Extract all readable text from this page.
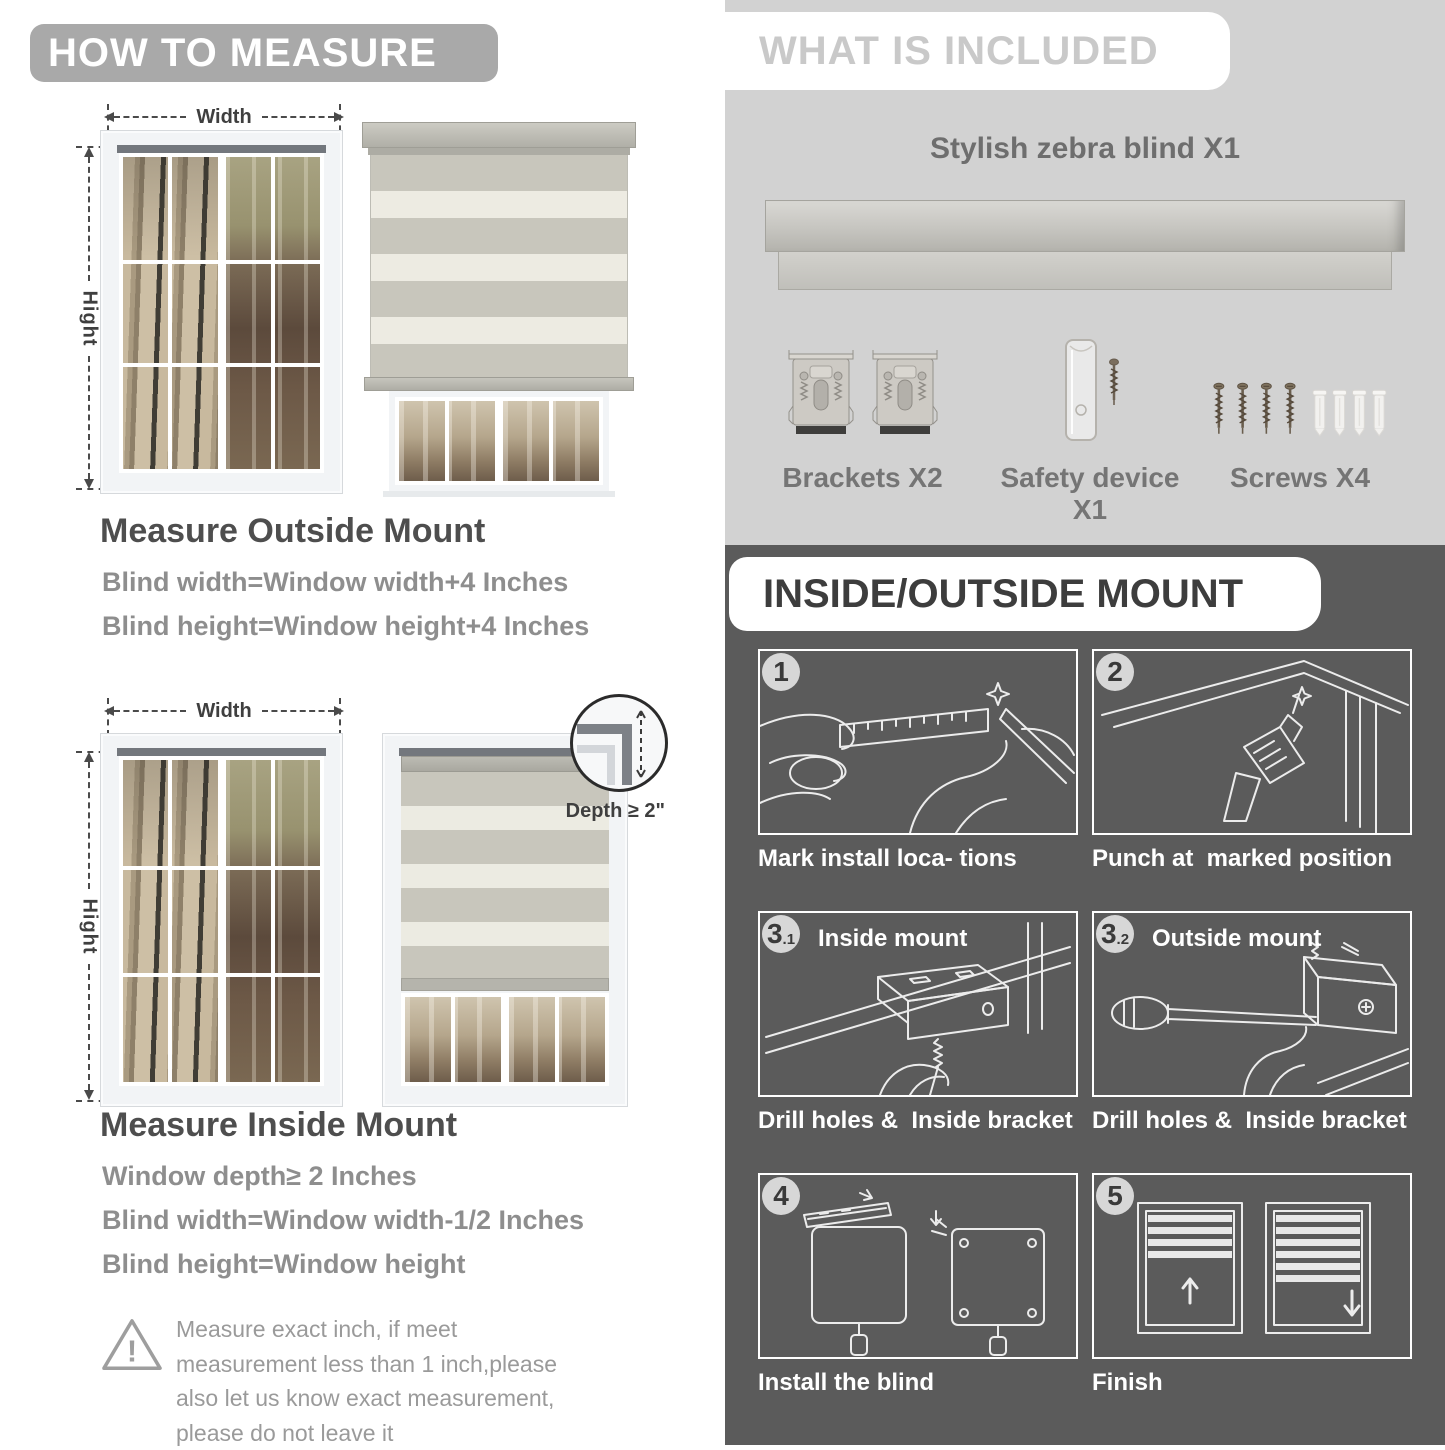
HOW TO MEASURE
Width
Hight
Measure Outside Mount
Blind width=Window width+4 Inches
Blind height=Window height+4 Inches
Width
Hight
Depth ≥ 2"
Measure Inside Mount
Window depth≥ 2 Inches
Blind width=Window width-1/2 Inches
Blind height=Window height
!
Measure exact inch, if meet measurement less than 1 inch,please also let us know exact measurement, please do not leave it
WHAT IS INCLUDED
Stylish zebra blind X1
Brackets X2	Safety device X1
Screws X4
INSIDE/OUTSIDE MOUNT
1
Mark install loca- tions
2
Punch at  marked position
3 .1 Inside mount
Drill holes &  Inside bracket
3 .2 Outside mount
Drill holes &  Inside bracket
4
Install the blind
5
Finish
